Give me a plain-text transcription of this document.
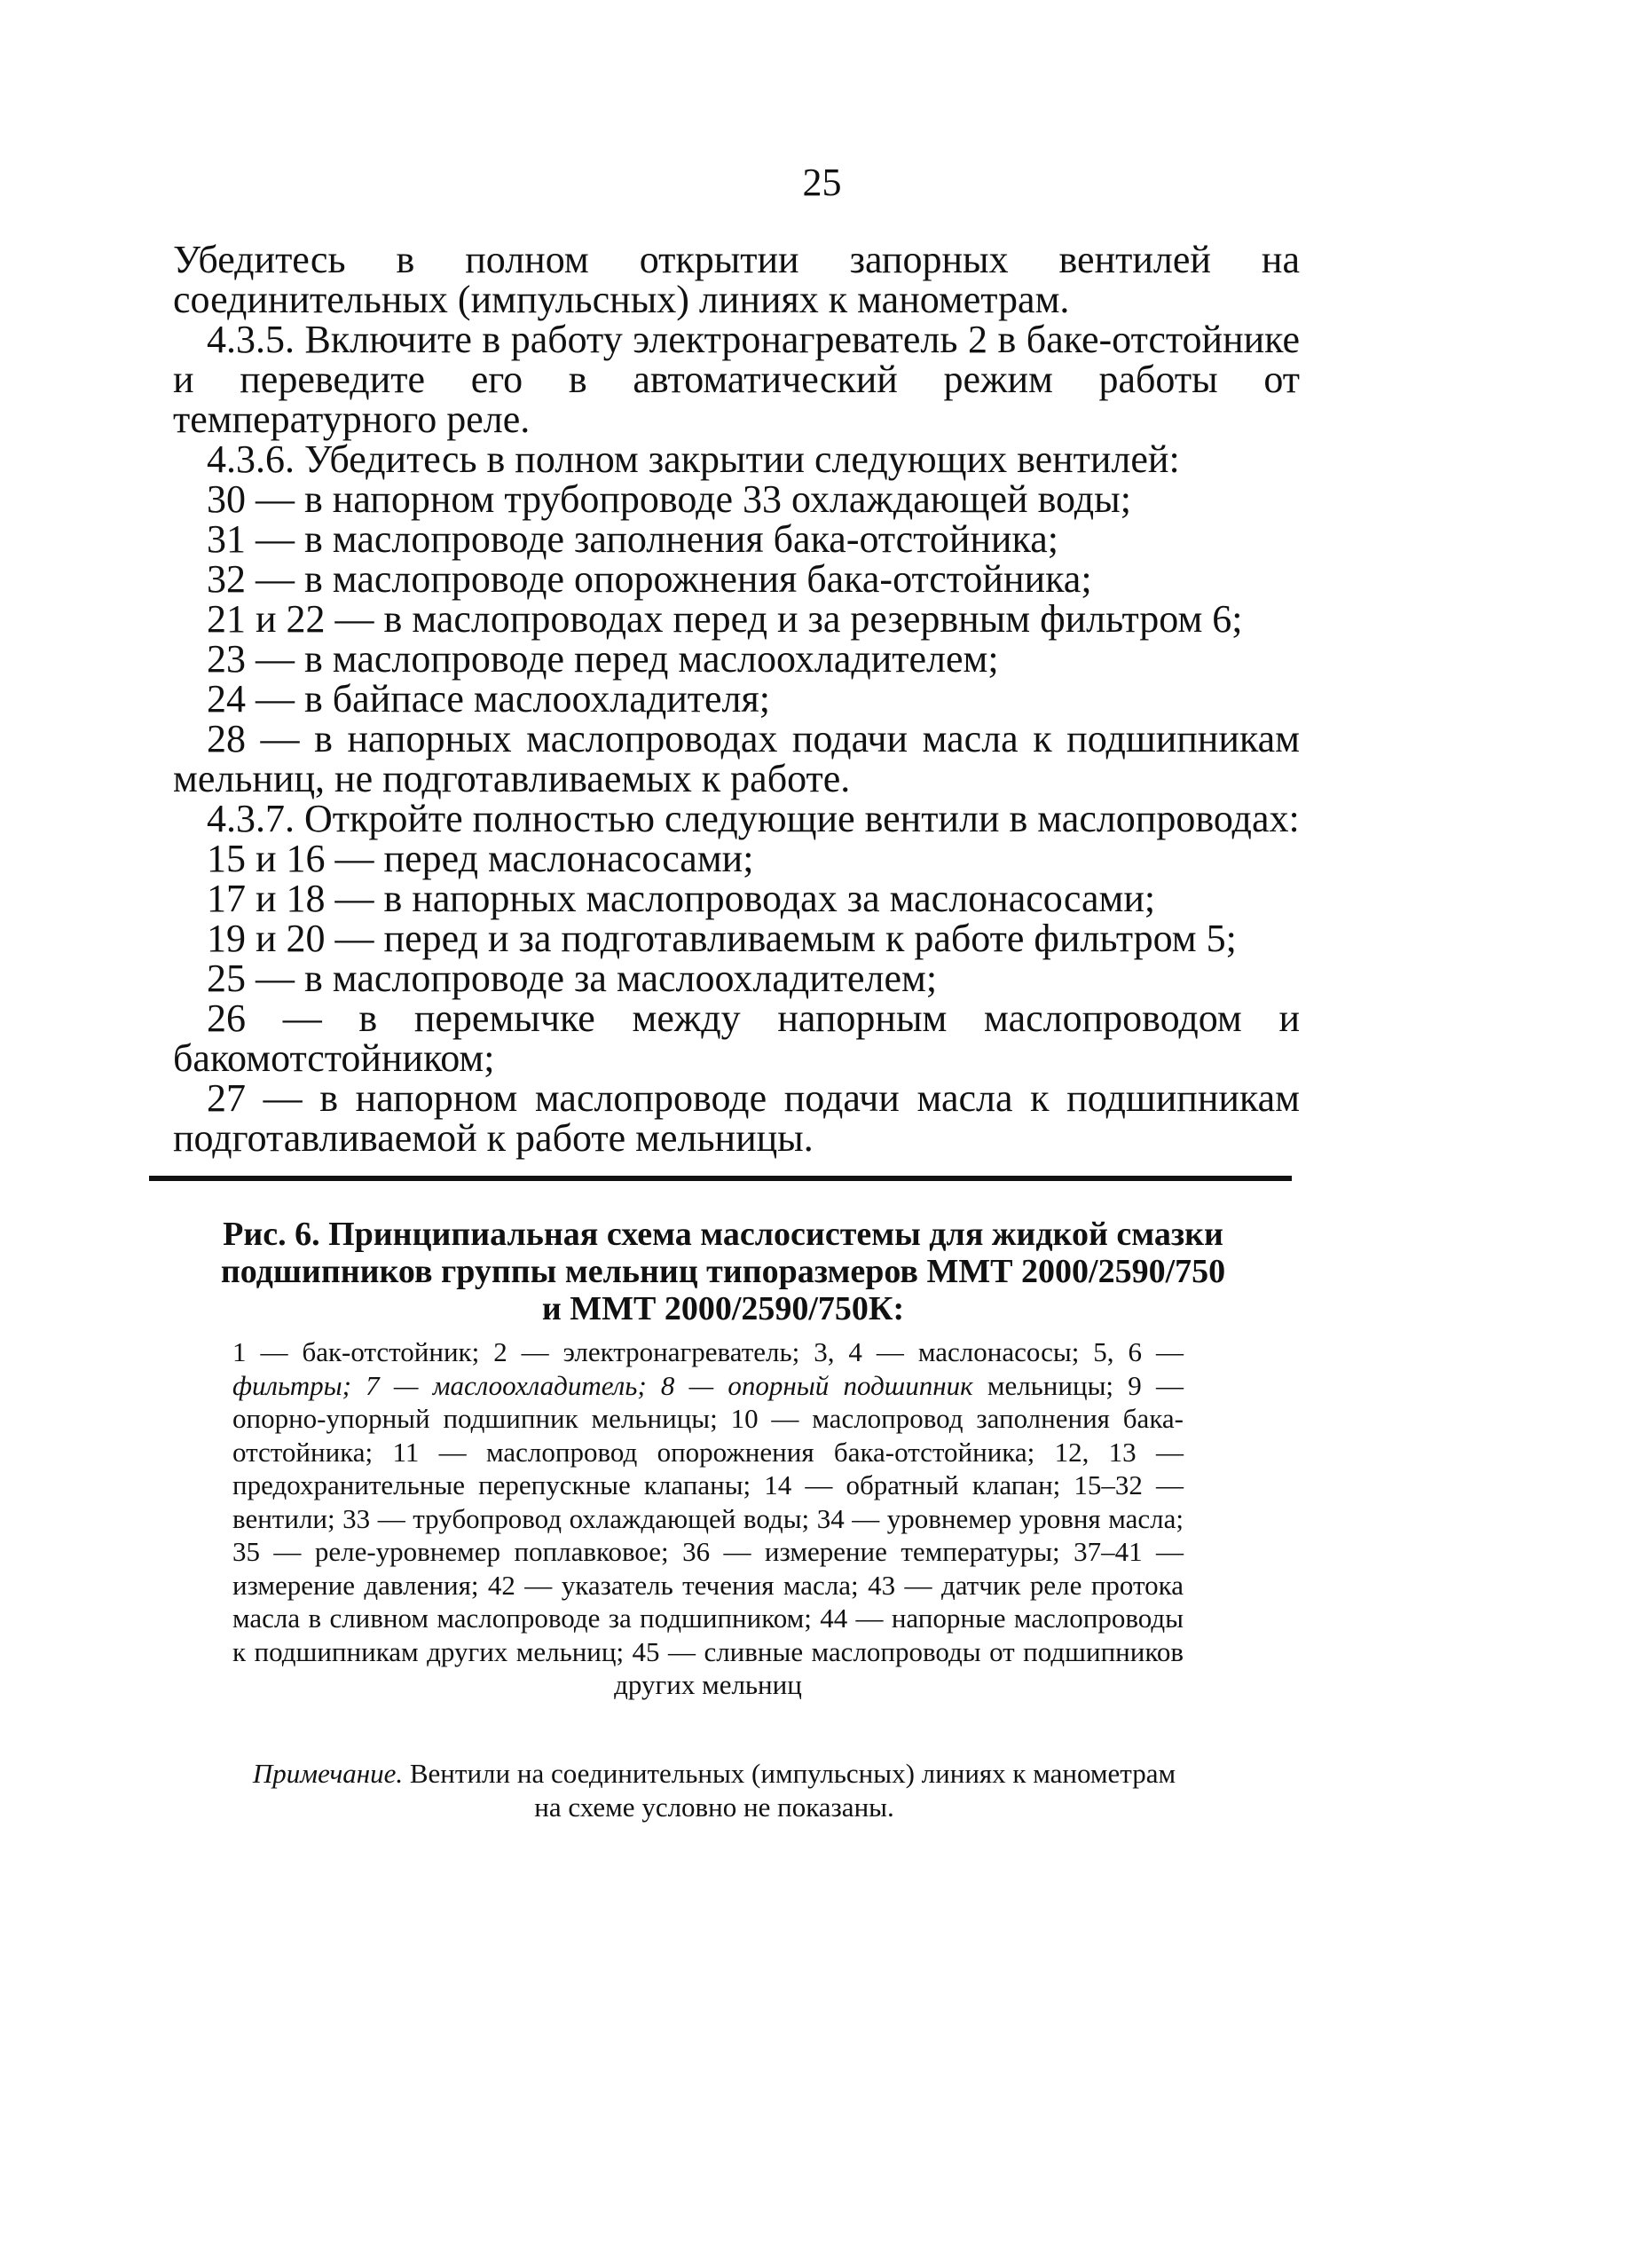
25

Убедитесь в полном открытии запорных вентилей на соединительных (импульсных) линиях к манометрам.

4.3.5. Включите в работу электронагреватель 2 в баке-отстойнике и переведите его в автоматический режим работы от температурного реле.

4.3.6. Убедитесь в полном закрытии следующих вентилей:

30 — в напорном трубопроводе 33 охлаждающей воды;

31 — в маслопроводе заполнения бака-отстойника;

32 — в маслопроводе опорожнения бака-отстойника;

21 и 22 — в маслопроводах перед и за резервным фильтром 6;

23 — в маслопроводе перед маслоохладителем;

24 — в байпасе маслоохладителя;

28 — в напорных маслопроводах подачи масла к подшипникам мельниц, не подготавливаемых к работе.

4.3.7. Откройте полностью следующие вентили в маслопроводах:

15 и 16 — перед маслонасосами;

17 и 18 — в напорных маслопроводах за маслонасосами;

19 и 20 — перед и за подготавливаемым к работе фильтром 5;

25 — в маслопроводе за маслоохладителем;

26 — в перемычке между напорным маслопроводом и бакомотстойником;

27 — в напорном маслопроводе подачи масла к подшипникам подготавливаемой к работе мельницы.

Рис. 6. Принципиальная схема маслосистемы для жидкой смазки

подшипников группы мельниц типоразмеров ММТ 2000/2590/750

и ММТ 2000/2590/750К:

1 — бак-отстойник; 2 — электронагреватель; 3, 4 — маслонасосы; 5, 6 — фильтры; 7 — маслоохладитель; 8 — опорный подшипник мельницы; 9 — опорно-упорный подшипник мельницы; 10 — маслопровод заполнения бака-отстойника; 11 — маслопровод опорожнения бака-отстойника; 12, 13 — предохранительные перепускные клапаны; 14 — обратный клапан; 15–32 — вентили; 33 — трубопровод охлаждающей воды; 34 — уровнемер уровня масла; 35 — реле-уровнемер поплавковое; 36 — измерение температуры; 37–41 — измерение давления; 42 — указатель течения масла; 43 — датчик реле протока масла в сливном маслопроводе за подшипником; 44 — напорные маслопроводы к подшипникам других мельниц; 45 — сливные маслопроводы от подшипников других мельниц
Примечание. Вентили на соединительных (импульсных) линиях к манометрам на схеме условно не показаны.
